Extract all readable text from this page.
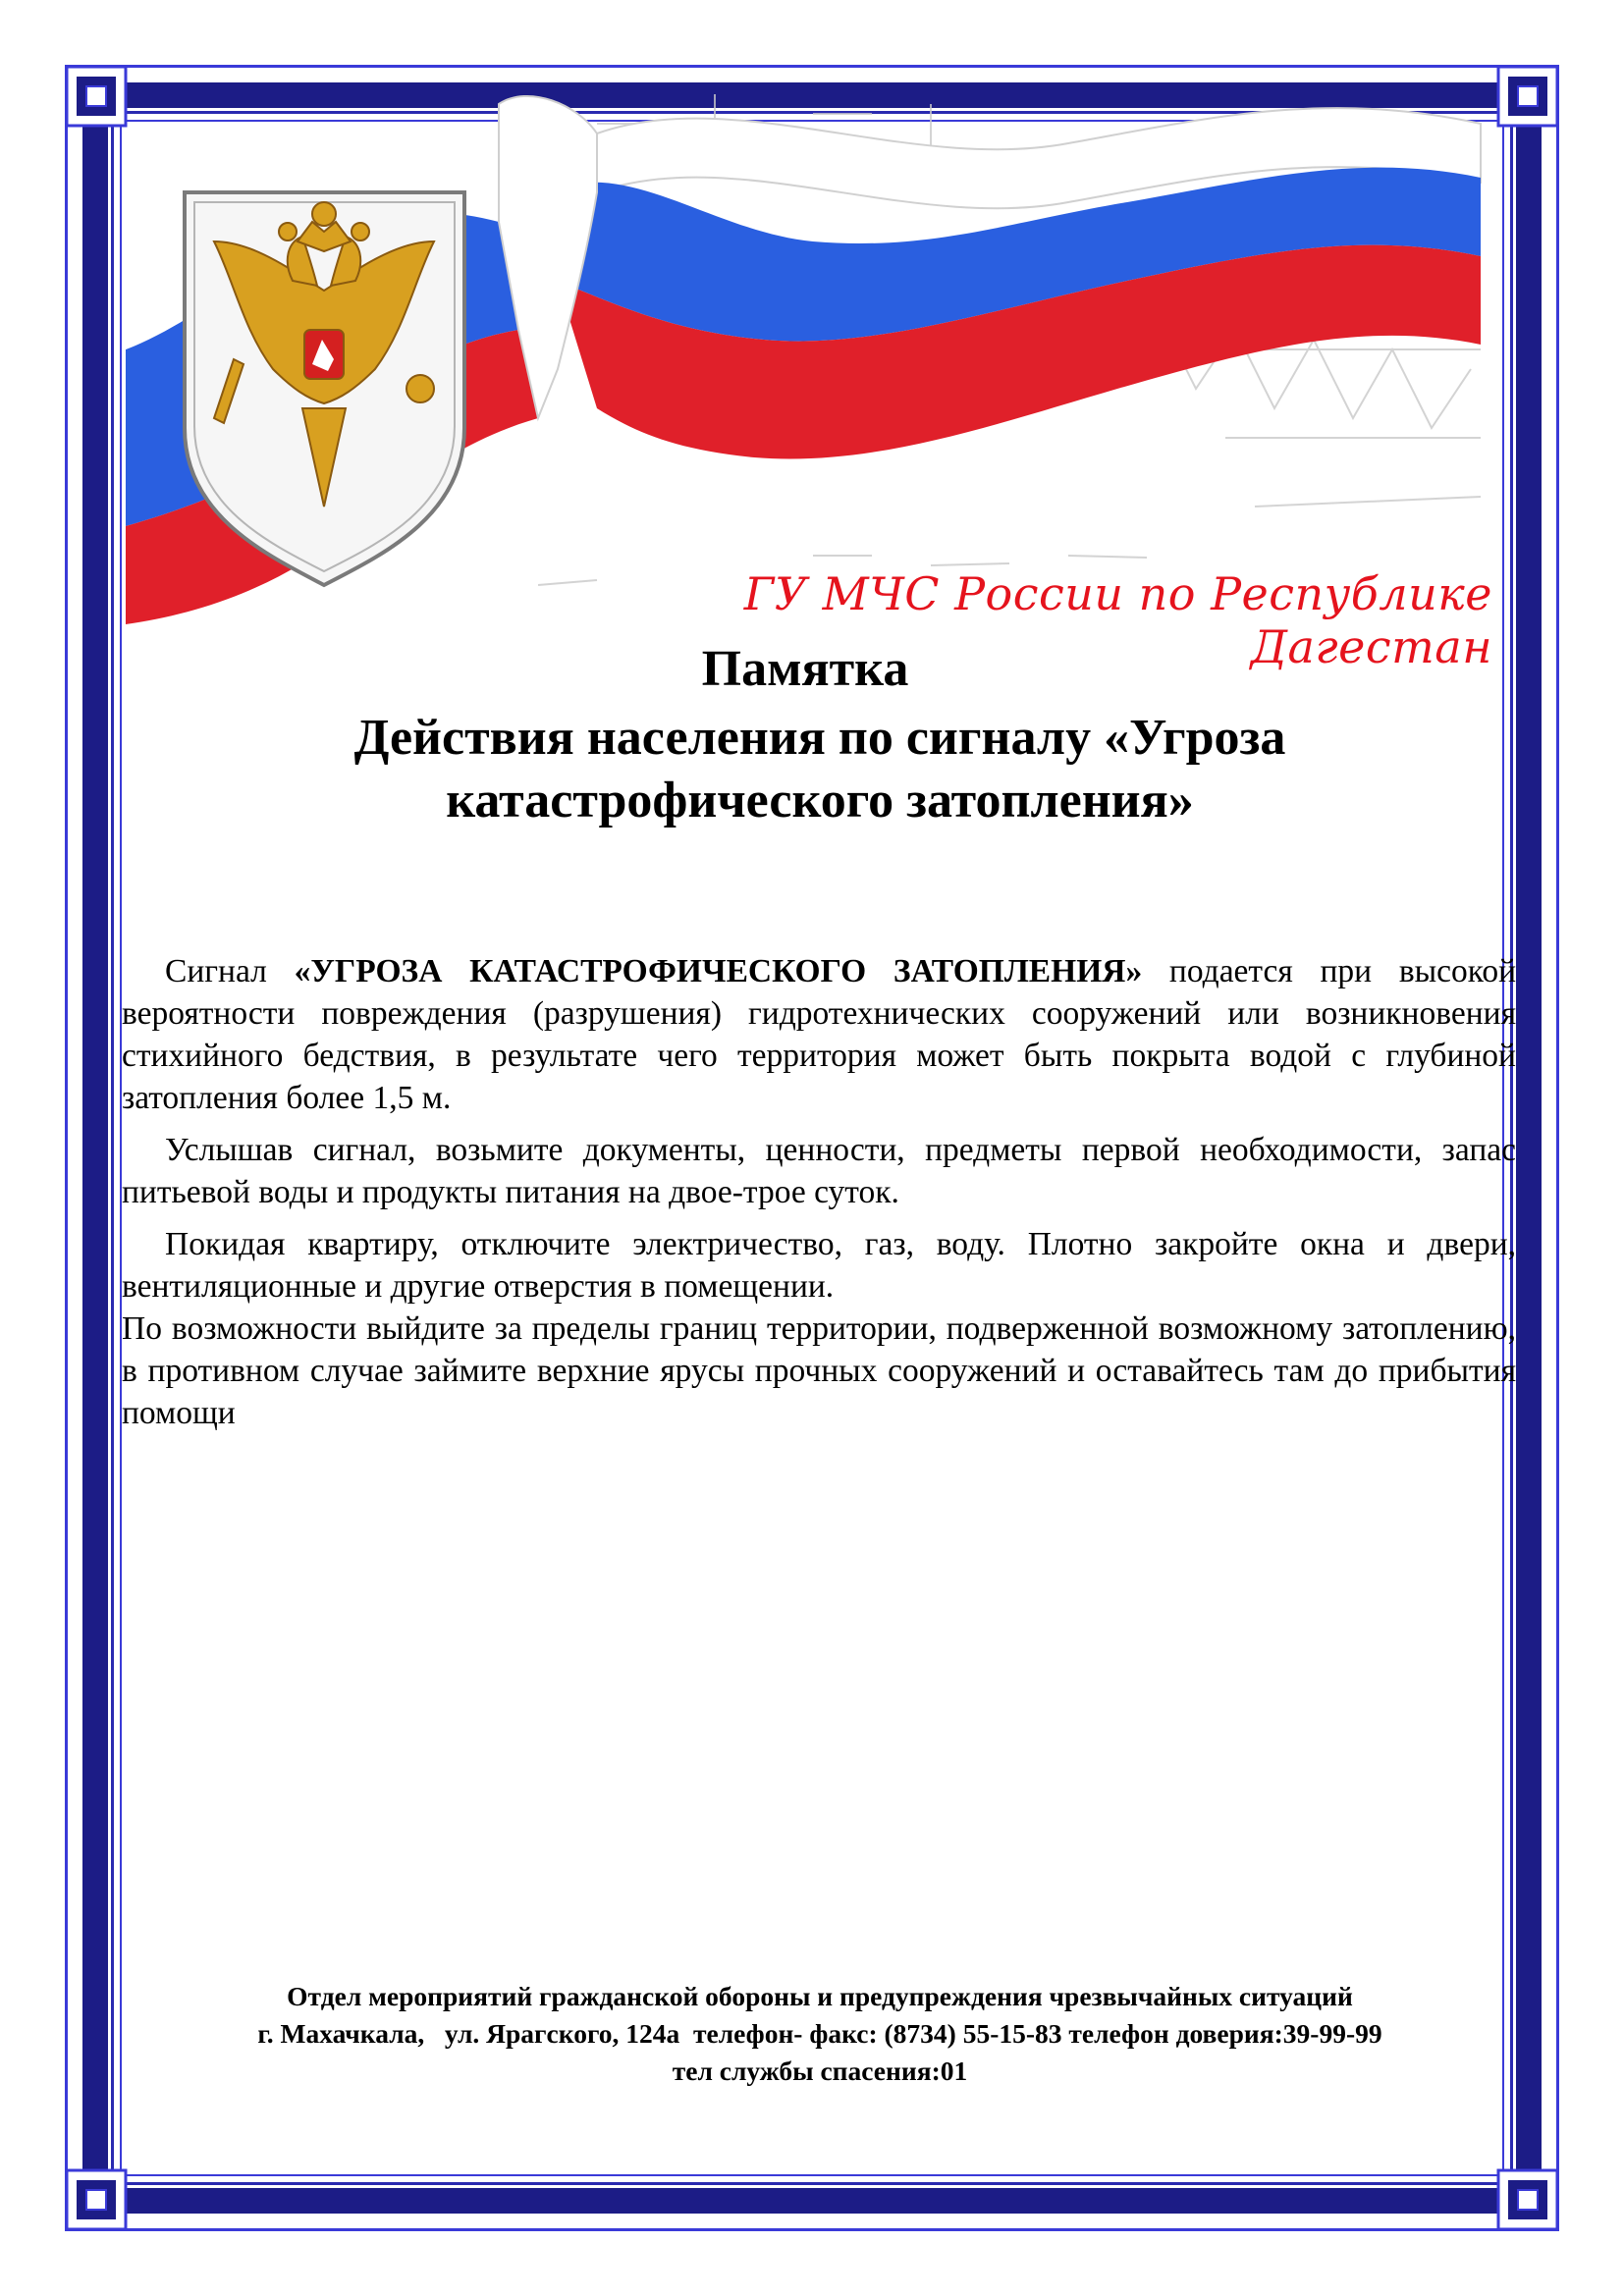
ГУ МЧС России по Республике Дагестан
Памятка
Действия населения по сигналу «Угроза катастрофического затопления»

Сигнал «УГРОЗА КАТАСТРОФИЧЕСКОГО ЗАТОПЛЕНИЯ» подается при высокой вероятности повреждения (разрушения) гидротехнических сооружений или возникновения стихийного бедствия, в результате чего территория может быть покрыта водой с глубиной затопления более 1,5 м.

Услышав сигнал, возьмите документы, ценности, предметы первой необходимости, запас питьевой воды и продукты питания на двое-трое суток.

Покидая квартиру, отключите электричество, газ, воду. Плотно закройте окна и двери, вентиляционные и другие отверстия в помещении.

По возможности выйдите за пределы границ территории, подверженной возможному затоплению, в противном случае займите верхние ярусы прочных сооружений и оставайтесь там до прибытия помощи

Отдел мероприятий гражданской обороны и предупреждения чрезвычайных ситуаций
г. Махачкала,   ул. Ярагского, 124а  телефон- факс: (8734) 55-15-83 телефон доверия:39-99-99
тел службы спасения:01
